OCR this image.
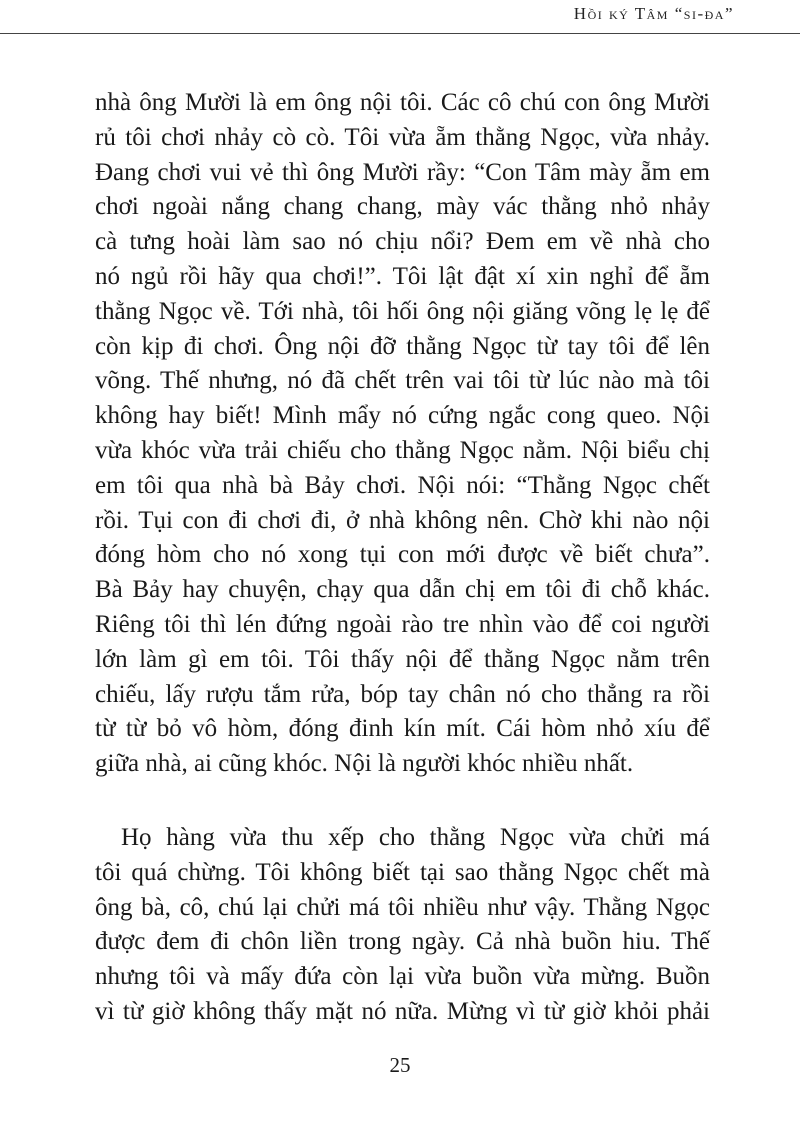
Hồi ký Tâm “si-đa”
nhà ông Mười là em ông nội tôi. Các cô chú con ông Mười
rủ tôi chơi nhảy cò cò. Tôi vừa ẵm thằng Ngọc, vừa nhảy.
Đang chơi vui vẻ thì ông Mười rầy: “Con Tâm mày ẵm em
chơi ngoài nắng chang chang, mày vác thằng nhỏ nhảy
cà tưng hoài làm sao nó chịu nổi? Đem em về nhà cho
nó ngủ rồi hãy qua chơi!”. Tôi lật đật xí xin nghỉ để ẵm
thằng Ngọc về. Tới nhà, tôi hối ông nội giăng võng lẹ lẹ để
còn kịp đi chơi. Ông nội đỡ thằng Ngọc từ tay tôi để lên
võng. Thế nhưng, nó đã chết trên vai tôi từ lúc nào mà tôi
không hay biết! Mình mẩy nó cứng ngắc cong queo. Nội
vừa khóc vừa trải chiếu cho thằng Ngọc nằm. Nội biểu chị
em tôi qua nhà bà Bảy chơi. Nội nói: “Thằng Ngọc chết
rồi. Tụi con đi chơi đi, ở nhà không nên. Chờ khi nào nội
đóng hòm cho nó xong tụi con mới được về biết chưa”.
Bà Bảy hay chuyện, chạy qua dẫn chị em tôi đi chỗ khác.
Riêng tôi thì lén đứng ngoài rào tre nhìn vào để coi người
lớn làm gì em tôi. Tôi thấy nội để thằng Ngọc nằm trên
chiếu, lấy rượu tắm rửa, bóp tay chân nó cho thẳng ra rồi
từ từ bỏ vô hòm, đóng đinh kín mít. Cái hòm nhỏ xíu để
giữa nhà, ai cũng khóc. Nội là người khóc nhiều nhất.
Họ hàng vừa thu xếp cho thằng Ngọc vừa chửi má
tôi quá chừng. Tôi không biết tại sao thằng Ngọc chết mà
ông bà, cô, chú lại chửi má tôi nhiều như vậy. Thằng Ngọc
được đem đi chôn liền trong ngày. Cả nhà buồn hiu. Thế
nhưng tôi và mấy đứa còn lại vừa buồn vừa mừng. Buồn
vì từ giờ không thấy mặt nó nữa. Mừng vì từ giờ khỏi phải
25
